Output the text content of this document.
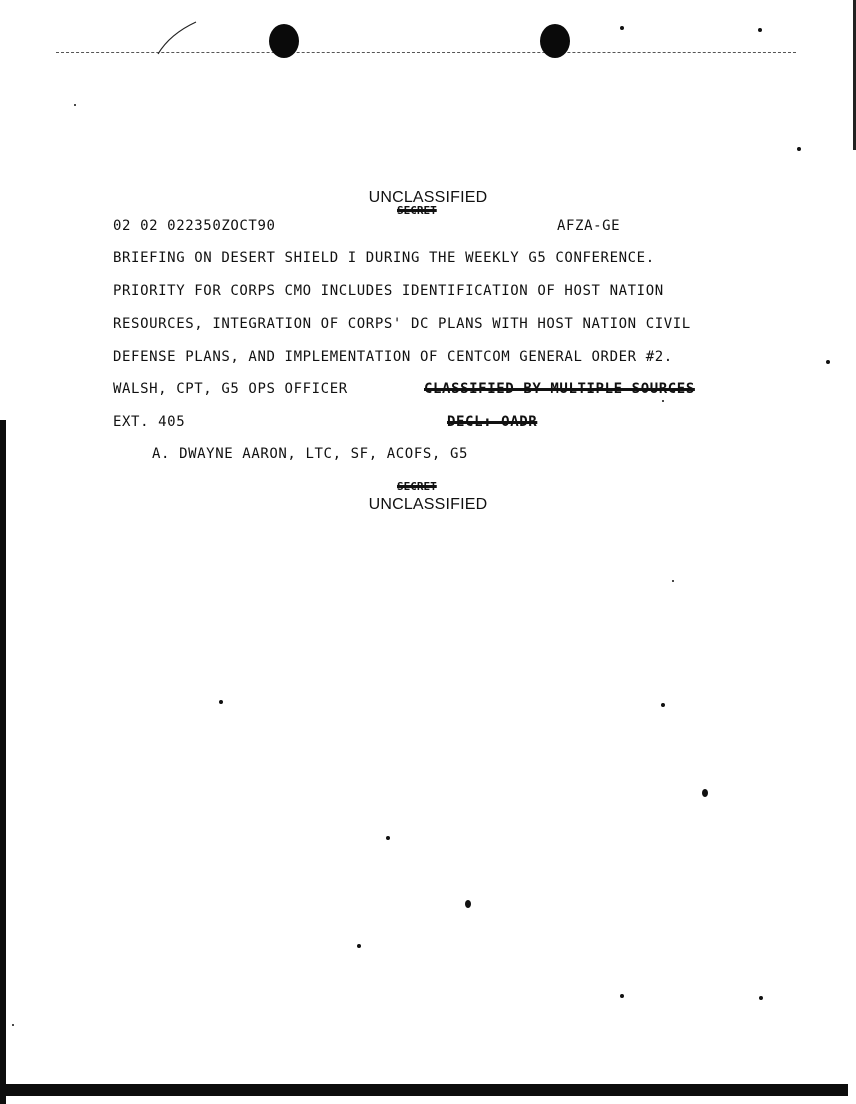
UNCLASSIFIED
SECRET
02 02 022350ZOCT90	AFZA-GE
BRIEFING ON DESERT SHIELD I DURING THE WEEKLY G5 CONFERENCE.
PRIORITY FOR CORPS CMO INCLUDES IDENTIFICATION OF HOST NATION
RESOURCES, INTEGRATION OF CORPS' DC PLANS WITH HOST NATION CIVIL
DEFENSE PLANS, AND IMPLEMENTATION OF CENTCOM GENERAL ORDER #2.
WALSH, CPT, G5 OPS OFFICER	CLASSIFIED BY MULTIPLE SOURCES
EXT. 405	DECL: OADR
A. DWAYNE AARON, LTC, SF, ACOFS, G5
SECRET
UNCLASSIFIED
